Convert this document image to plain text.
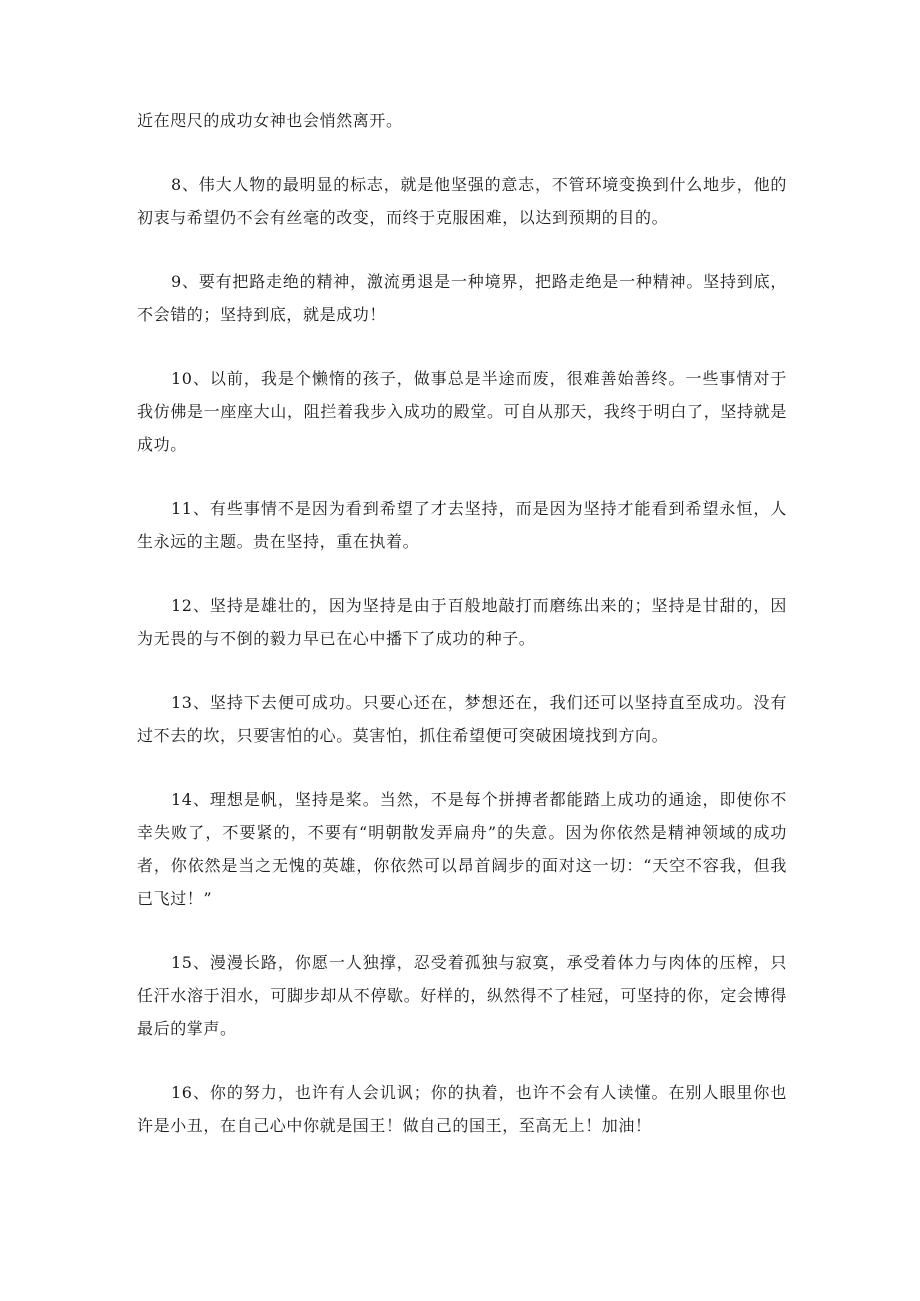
近在咫尺的成功女神也会悄然离开。

8、伟大人物的最明显的标志，就是他坚强的意志，不管环境变换到什么地步，他的初衷与希望仍不会有丝毫的改变，而终于克服困难，以达到预期的目的。

9、要有把路走绝的精神，激流勇退是一种境界，把路走绝是一种精神。坚持到底，不会错的；坚持到底，就是成功！

10、以前，我是个懒惰的孩子，做事总是半途而废，很难善始善终。一些事情对于我仿佛是一座座大山，阻拦着我步入成功的殿堂。可自从那天，我终于明白了，坚持就是成功。

11、有些事情不是因为看到希望了才去坚持，而是因为坚持才能看到希望永恒，人生永远的主题。贵在坚持，重在执着。

12、坚持是雄壮的，因为坚持是由于百般地敲打而磨练出来的；坚持是甘甜的，因为无畏的与不倒的毅力早已在心中播下了成功的种子。

13、坚持下去便可成功。只要心还在，梦想还在，我们还可以坚持直至成功。没有过不去的坎，只要害怕的心。莫害怕，抓住希望便可突破困境找到方向。

14、理想是帆，坚持是桨。当然，不是每个拼搏者都能踏上成功的通途，即使你不幸失败了，不要紧的，不要有“明朝散发弄扁舟”的失意。因为你依然是精神领域的成功者，你依然是当之无愧的英雄，你依然可以昂首阔步的面对这一切：“天空不容我，但我已飞过！”

15、漫漫长路，你愿一人独撑，忍受着孤独与寂寞，承受着体力与肉体的压榨，只任汗水溶于泪水，可脚步却从不停歇。好样的，纵然得不了桂冠，可坚持的你，定会博得最后的掌声。

16、你的努力，也许有人会讥讽；你的执着，也许不会有人读懂。在别人眼里你也许是小丑，在自己心中你就是国王！做自己的国王，至高无上！加油！
